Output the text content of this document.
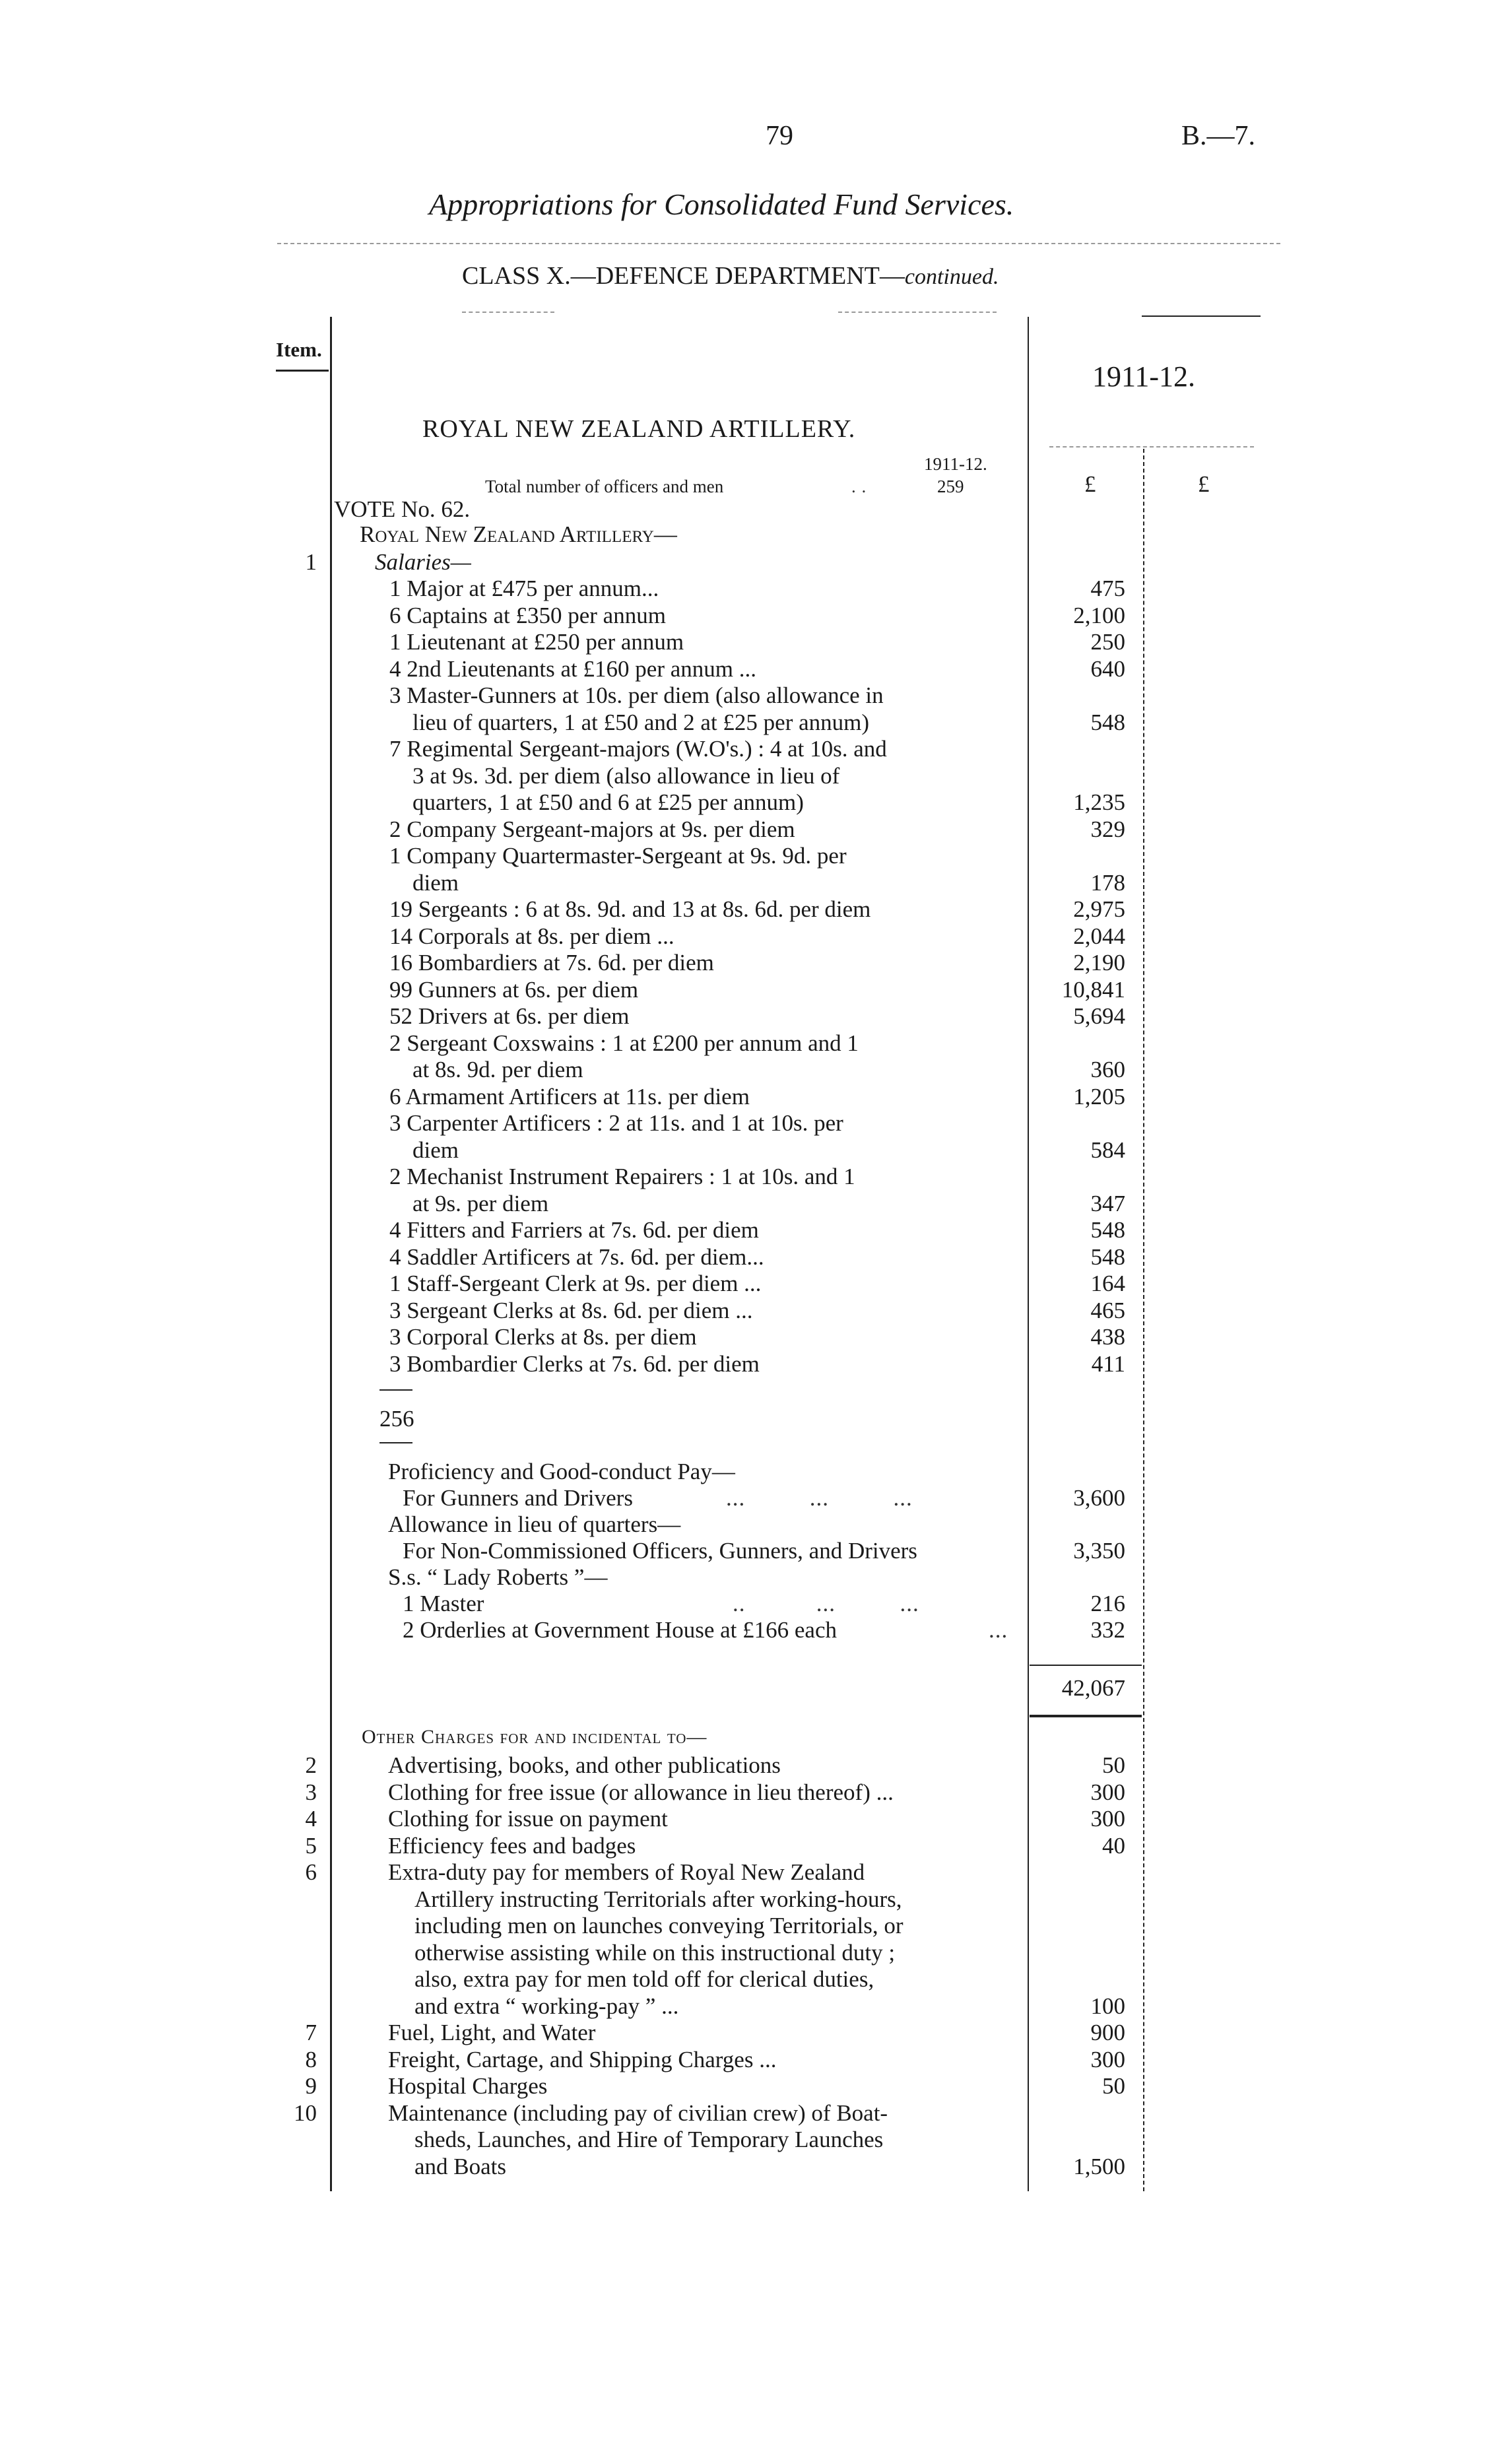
79	B.—7.
Appropriations for Consolidated Fund Services.
CLASS X.—DEFENCE DEPARTMENT—continued.
Item.
1911-12.
ROYAL NEW ZEALAND ARTILLERY.
1911-12.
Total number of officers and men	. .	259	£	£
VOTE No. 62.
Royal New Zealand Artillery—
1	Salaries—
1 Major at £475 per annum...	475
6 Captains at £350 per annum	2,100
1 Lieutenant at £250 per annum	250
4 2nd Lieutenants at £160 per annum ...	640
3 Master-Gunners at 10s. per diem (also allowance in
lieu of quarters, 1 at £50 and 2 at £25 per annum)	548
7 Regimental Sergeant-majors (W.O's.) : 4 at 10s. and
3 at 9s. 3d. per diem (also allowance in lieu of
quarters, 1 at £50 and 6 at £25 per annum)	1,235
2 Company Sergeant-majors at 9s. per diem	329
1 Company Quartermaster-Sergeant at 9s. 9d. per
diem	178
19 Sergeants : 6 at 8s. 9d. and 13 at 8s. 6d. per diem	2,975
14 Corporals at 8s. per diem ...	2,044
16 Bombardiers at 7s. 6d. per diem	2,190
99 Gunners at 6s. per diem	10,841
52 Drivers at 6s. per diem	5,694
2 Sergeant Coxswains : 1 at £200 per annum and 1
at 8s. 9d. per diem	360
6 Armament Artificers at 11s. per diem	1,205
3 Carpenter Artificers : 2 at 11s. and 1 at 10s. per
diem	584
2 Mechanist Instrument Repairers : 1 at 10s. and 1
at 9s. per diem	347
4 Fitters and Farriers at 7s. 6d. per diem	548
4 Saddler Artificers at 7s. 6d. per diem...	548
1 Staff-Sergeant Clerk at 9s. per diem ...	164
3 Sergeant Clerks at 8s. 6d. per diem ...	465
3 Corporal Clerks at 8s. per diem	438
3 Bombardier Clerks at 7s. 6d. per diem	411
256
Proficiency and Good-conduct Pay—
For Gunners and Drivers	...          ...          ...	3,600
Allowance in lieu of quarters—
For Non-Commissioned Officers, Gunners, and Drivers	3,350
S.s. “ Lady Roberts ”—
1 Master	..           ...          ...	216
2 Orderlies at Government House at £166 each	...	332
42,067
Other Charges for and incidental to—
2	Advertising, books, and other publications	50
3	Clothing for free issue (or allowance in lieu thereof) ...	300
4	Clothing for issue on payment	300
5	Efficiency fees and badges	40
6	Extra-duty pay for members of Royal New Zealand
Artillery instructing Territorials after working-hours,
including men on launches conveying Territorials, or
otherwise assisting while on this instructional duty ;
also, extra pay for men told off for clerical duties,
and extra “ working-pay ” ...	100
7	Fuel, Light, and Water	900
8	Freight, Cartage, and Shipping Charges ...	300
9	Hospital Charges	50
10	Maintenance (including pay of civilian crew) of Boat-
sheds, Launches, and Hire of Temporary Launches
and Boats	1,500
